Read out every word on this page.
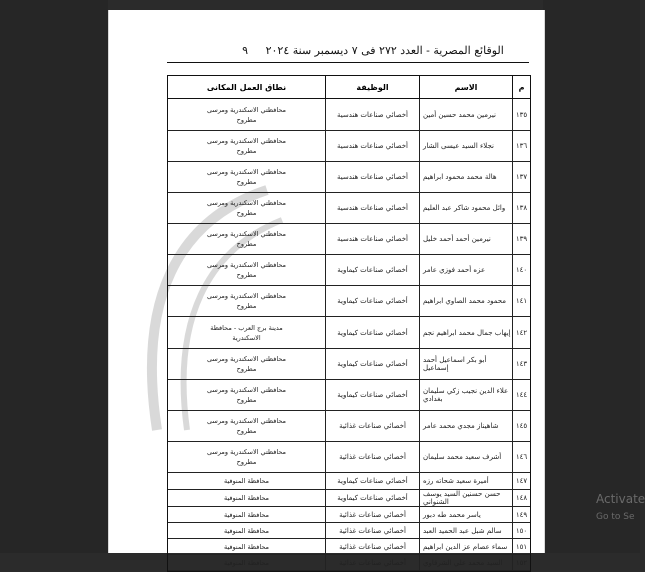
الوقائع المصرية - العدد ٢٧٢ فى ٧ ديسمبر سنة ٢٠٢٤ ٩
م
الاسم
الوظيفة
نطاق العمل المكانى
١٣٥
نيرمين محمد حسين أمين
أخصائي صناعات هندسية
محافظتي الاسكندرية ومرسى
مطروح
١٣٦
نجلاء السيد عيسى الشار
أخصائي صناعات هندسية
محافظتي الاسكندرية ومرسى
مطروح
١٣٧
هالة محمد محمود ابراهيم
أخصائي صناعات هندسية
محافظتي الاسكندرية ومرسى
مطروح
١٣٨
وائل محمود شاكر عبد العليم
أخصائي صناعات هندسية
محافظتي الاسكندرية ومرسى
مطروح
١٣٩
نيرمين أحمد أحمد خليل
أخصائي صناعات هندسية
محافظتي الاسكندرية ومرسى
مطروح
١٤٠
عزه أحمد فوزي عامر
أخصائي صناعات كيماوية
محافظتي الاسكندرية ومرسى
مطروح
١٤١
محمود محمد الصاوي ابراهيم
أخصائي صناعات كيماوية
محافظتي الاسكندرية ومرسى
مطروح
١٤٢
إيهاب جمال محمد ابراهيم نجم
أخصائي صناعات كيماوية
مدينة برج العرب - محافظة
الاسكندرية
١٤٣
أبو بكر اسماعيل أحمد إسماعيل
أخصائي صناعات كيماوية
محافظتي الاسكندرية ومرسى
مطروح
١٤٤
علاء الدين نجيب زكي سليمان بغدادي
أخصائي صناعات كيماوية
محافظتي الاسكندرية ومرسى
مطروح
١٤٥
شاهيناز مجدي محمد عامر
أخصائي صناعات غذائية
محافظتي الاسكندرية ومرسى
مطروح
١٤٦
أشرف سعيد محمد سليمان
أخصائي صناعات غذائية
محافظتي الاسكندرية ومرسى
مطروح
١٤٧
أميرة سعيد شحاته رزه
أخصائي صناعات كيماوية
محافظة المنوفية
١٤٨
حسن حسنين السيد يوسف الشنواني
أخصائي صناعات كيماوية
محافظة المنوفية
١٤٩
ياسر محمد طه دبور
أخصائي صناعات غذائية
محافظة المنوفية
١٥٠
سالم شبل عبد الحميد العبد
أخصائي صناعات غذائية
محافظة المنوفية
١٥١
سماء عصام عز الدين ابراهيم
أخصائي صناعات غذائية
محافظة المنوفية
١٥٢
السيد محمد علي الشرقاوي
أخصائي صناعات غذائية
محافظة المنوفية
Activate
Go to Se
